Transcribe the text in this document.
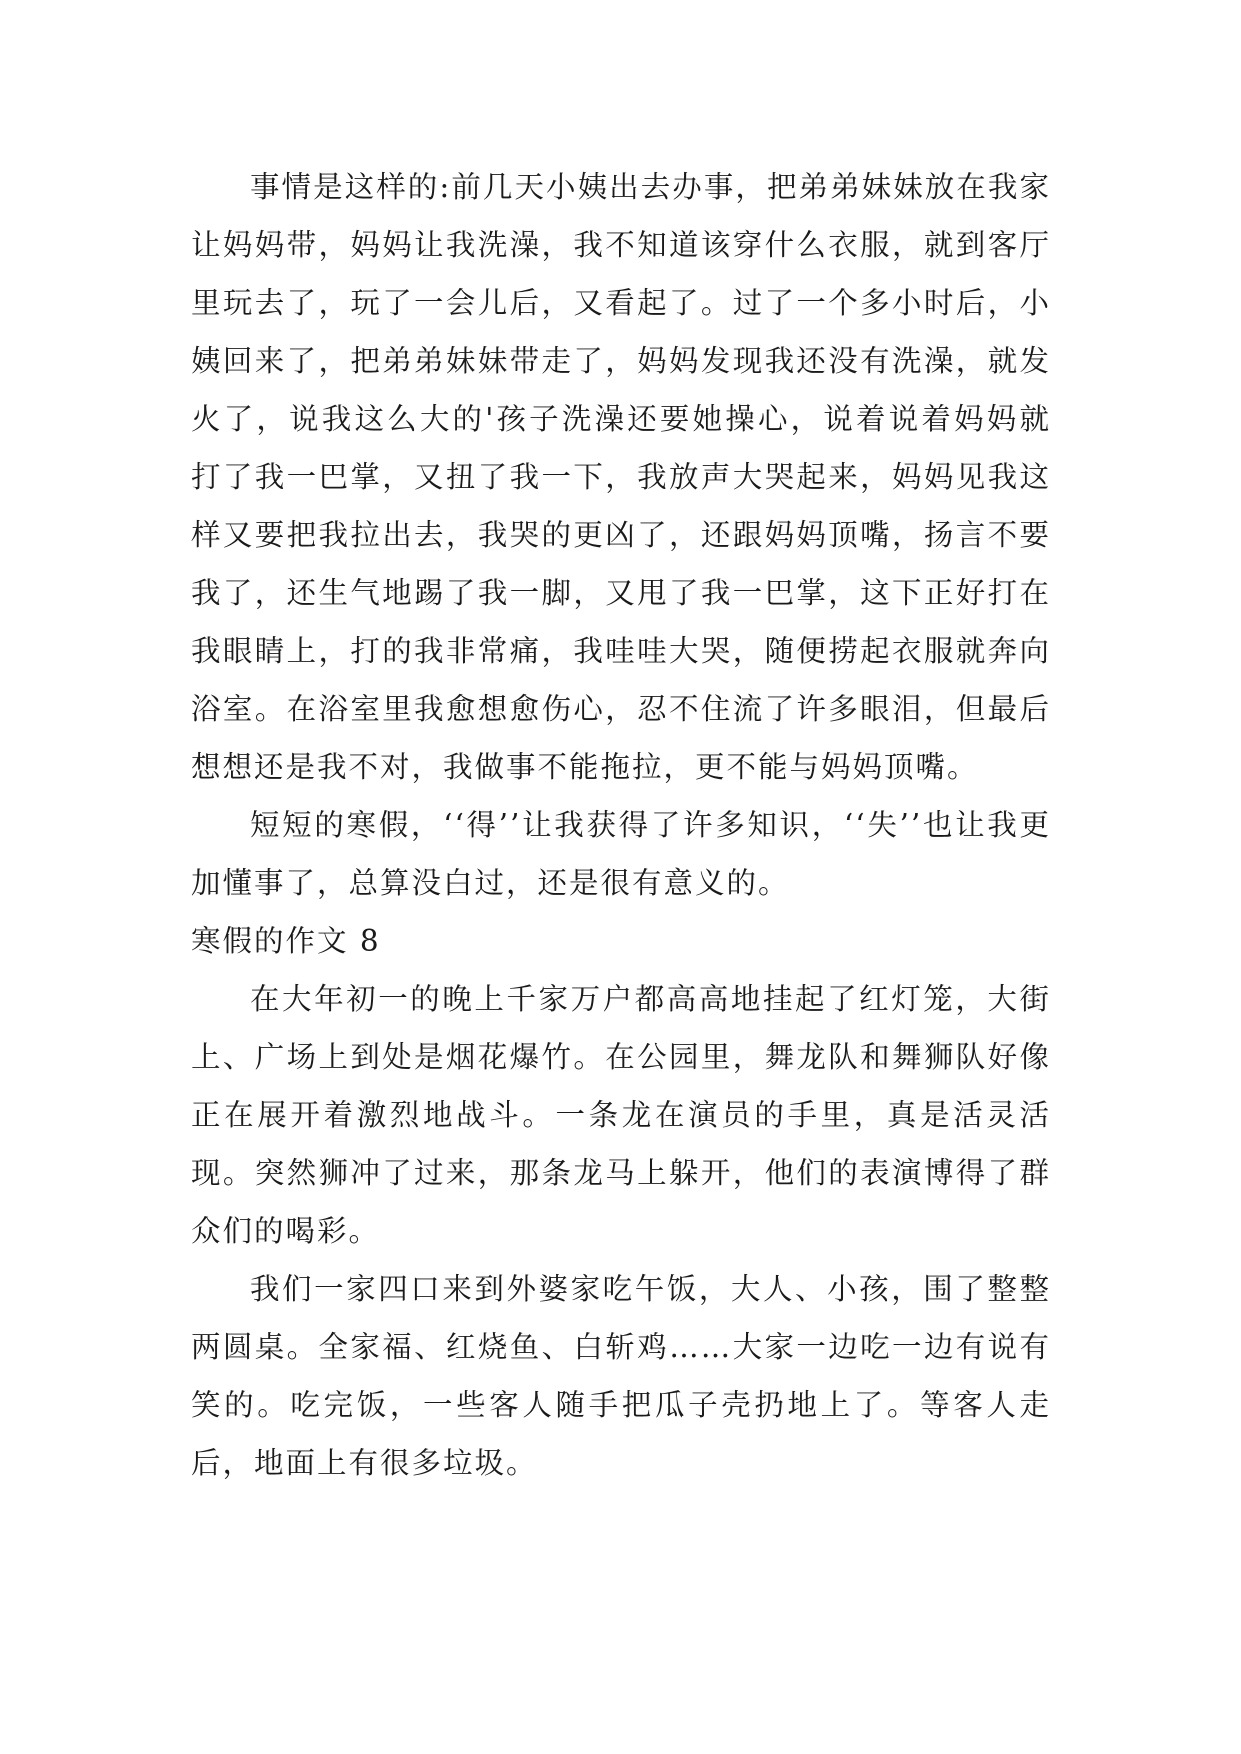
事情是这样的:前几天小姨出去办事，把弟弟妹妹放在我家让妈妈带，妈妈让我洗澡，我不知道该穿什么衣服，就到客厅里玩去了，玩了一会儿后，又看起了。过了一个多小时后，小姨回来了，把弟弟妹妹带走了，妈妈发现我还没有洗澡，就发火了，说我这么大的'孩子洗澡还要她操心，说着说着妈妈就打了我一巴掌，又扭了我一下，我放声大哭起来，妈妈见我这样又要把我拉出去，我哭的更凶了，还跟妈妈顶嘴，扬言不要我了，还生气地踢了我一脚，又甩了我一巴掌，这下正好打在我眼睛上，打的我非常痛，我哇哇大哭，随便捞起衣服就奔向浴室。在浴室里我愈想愈伤心，忍不住流了许多眼泪，但最后想想还是我不对，我做事不能拖拉，更不能与妈妈顶嘴。

短短的寒假，‘‘得’’让我获得了许多知识，‘‘失’’也让我更加懂事了，总算没白过，还是很有意义的。

寒假的作文 8

在大年初一的晚上千家万户都高高地挂起了红灯笼，大街上、广场上到处是烟花爆竹。在公园里，舞龙队和舞狮队好像正在展开着激烈地战斗。一条龙在演员的手里，真是活灵活现。突然狮冲了过来，那条龙马上躲开，他们的表演博得了群众们的喝彩。

我们一家四口来到外婆家吃午饭，大人、小孩，围了整整两圆桌。全家福、红烧鱼、白斩鸡……大家一边吃一边有说有笑的。吃完饭，一些客人随手把瓜子壳扔地上了。等客人走后，地面上有很多垃圾。
